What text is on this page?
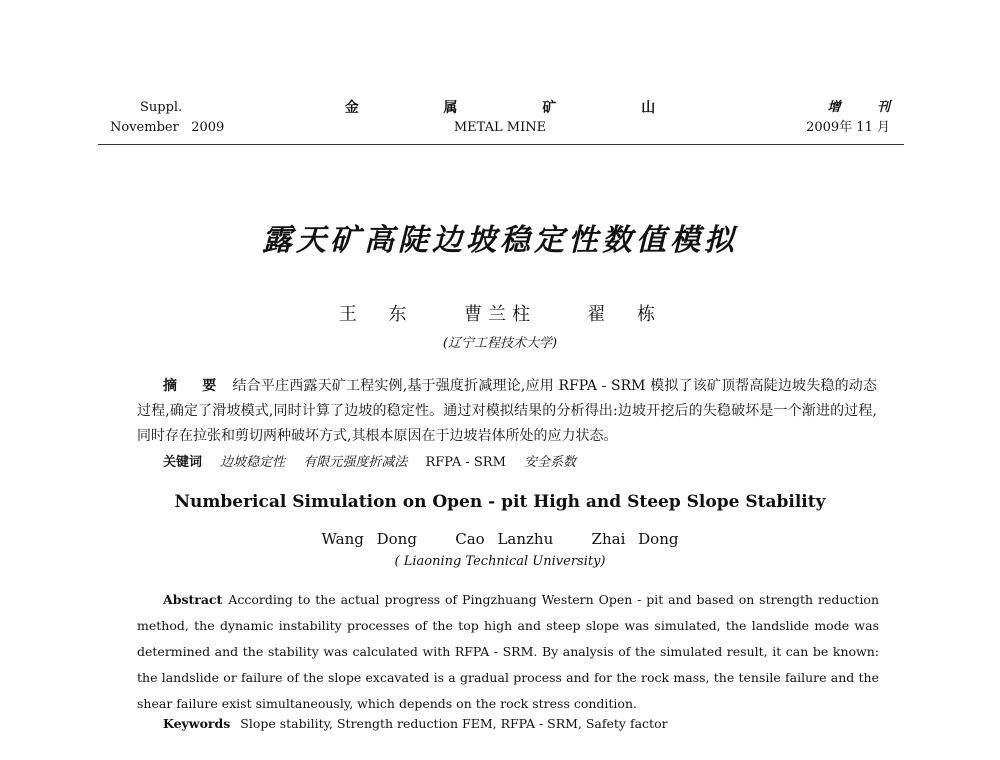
Suppl.
November   2009
金 属 矿 山
METAL MINE
增 刊
2009年 11 月
露天矿高陡边坡稳定性数值模拟
王 东  曹兰柱  翟 栋
(辽宁工程技术大学)
摘 要 结合平庄西露天矿工程实例,基于强度折减理论,应用 RFPA - SRM 模拟了该矿顶帮高陡边坡失稳的动态过程,确定了滑坡模式,同时计算了边坡的稳定性。通过对模拟结果的分析得出:边坡开挖后的失稳破坏是一个渐进的过程,同时存在拉张和剪切两种破坏方式,其根本原因在于边坡岩体所处的应力状态。
关键词 边坡稳定性 有限元强度折减法 RFPA - SRM 安全系数
Numberical Simulation on Open - pit High and Steep Slope Stability
Wang Dong   Cao Lanzhu   Zhai Dong
( Liaoning Technical University)
Abstract According to the actual progress of Pingzhuang Western Open - pit and based on strength reduction method, the dynamic instability processes of the top high and steep slope was simulated, the landslide mode was determined and the stability was calculated with RFPA - SRM. By analysis of the simulated result, it can be known: the landslide or failure of the slope excavated is a gradual process and for the rock mass, the tensile failure and the shear failure exist simultaneously, which depends on the rock stress condition.
Keywords Slope stability, Strength reduction FEM, RFPA - SRM, Safety factor
